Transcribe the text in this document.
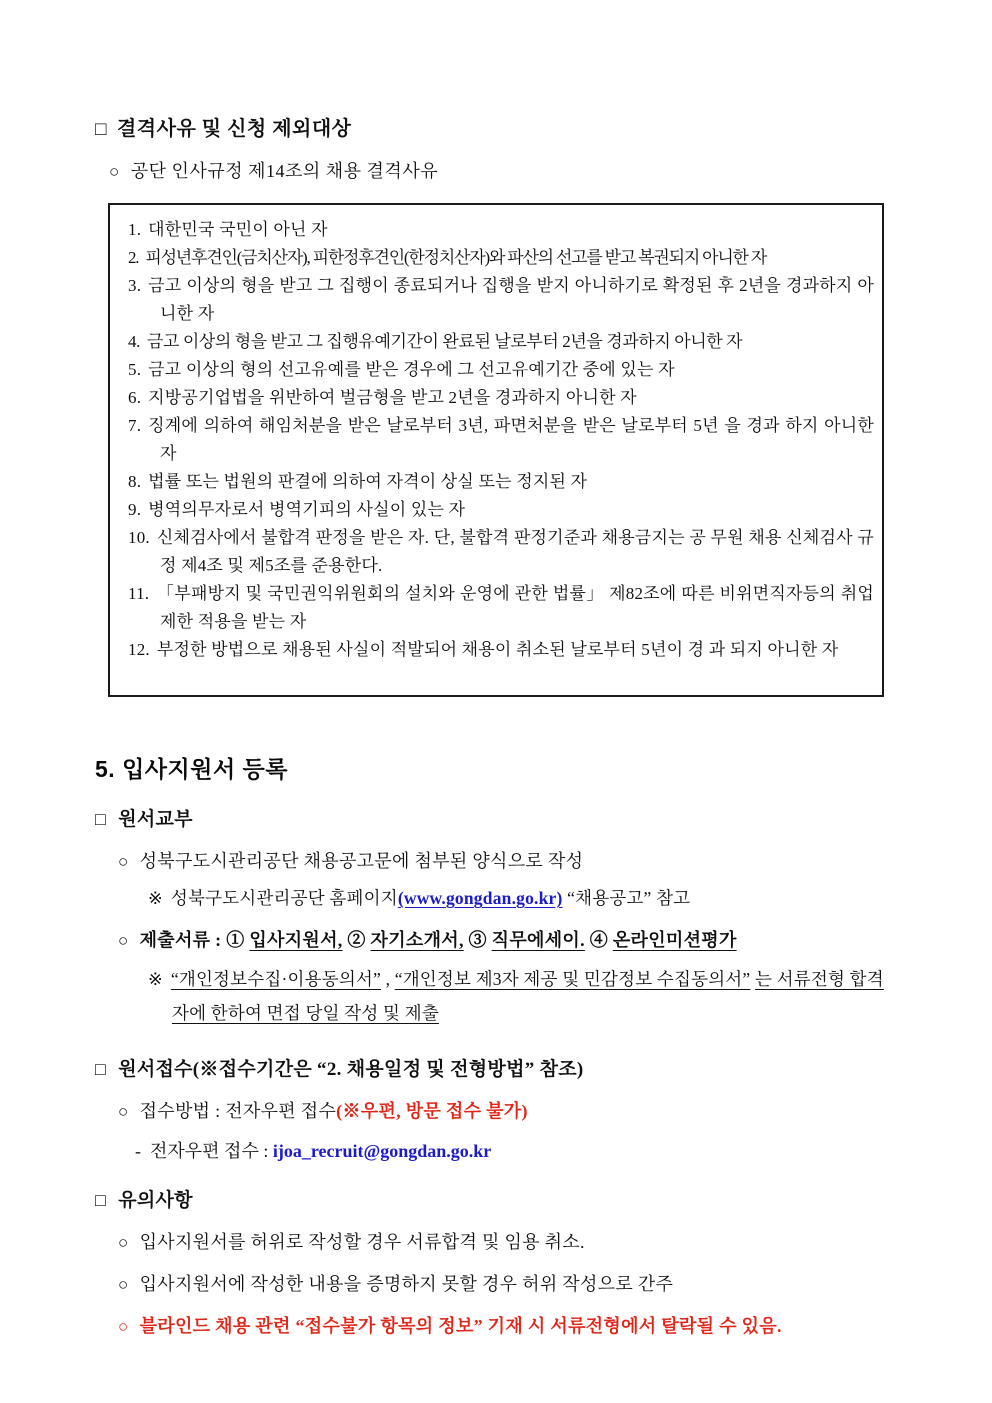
□ 결격사유 및 신청 제외대상
○ 공단 인사규정 제14조의 채용 결격사유
1. 대한민국 국민이 아닌 자
2. 피성년후견인(금치산자), 피한정후견인(한정치산자)와 파산의 선고를 받고 복권되지 아니한 자
3. 금고 이상의 형을 받고 그 집행이 종료되거나 집행을 받지 아니하기로 확정된 후 2년을 경과하지 아니한 자
4. 금고 이상의 형을 받고 그 집행유예기간이 완료된 날로부터 2년을 경과하지 아니한 자
5. 금고 이상의 형의 선고유예를 받은 경우에 그 선고유예기간 중에 있는 자
6. 지방공기업법을 위반하여 벌금형을 받고 2년을 경과하지 아니한 자
7. 징계에 의하여 해임처분을 받은 날로부터 3년, 파면처분을 받은 날로부터 5년 을 경과 하지 아니한 자
8. 법률 또는 법원의 판결에 의하여 자격이 상실 또는 정지된 자
9. 병역의무자로서 병역기피의 사실이 있는 자
10. 신체검사에서 불합격 판정을 받은 자. 단, 불합격 판정기준과 채용금지는 공 무원 채용 신체검사 규정 제4조 및 제5조를 준용한다.
11. 「부패방지 및 국민권익위원회의 설치와 운영에 관한 법률」 제82조에 따른 비위면직자등의 취업제한 적용을 받는 자
12. 부정한 방법으로 채용된 사실이 적발되어 채용이 취소된 날로부터 5년이 경 과 되지 아니한 자
5. 입사지원서 등록
□ 원서교부
○ 성북구도시관리공단 채용공고문에 첨부된 양식으로 작성
※ 성북구도시관리공단 홈페이지(www.gongdan.go.kr) “채용공고” 참고
○ 제출서류 : ① 입사지원서, ② 자기소개서, ③ 직무에세이. ④ 온라인미션평가
※ “개인정보수집·이용동의서” , “개인정보 제3자 제공 및 민감정보 수집동의서” 는 서류전형 합격자에 한하여 면접 당일 작성 및 제출
□ 원서접수(※접수기간은 “2. 채용일정 및 전형방법” 참조)
○ 접수방법 : 전자우편 접수(※우편, 방문 접수 불가)
- 전자우편 접수 : ijoa_recruit@gongdan.go.kr
□ 유의사항
○ 입사지원서를 허위로 작성할 경우 서류합격 및 임용 취소.
○ 입사지원서에 작성한 내용을 증명하지 못할 경우 허위 작성으로 간주
○ 블라인드 채용 관련 “접수불가 항목의 정보” 기재 시 서류전형에서 탈락될 수 있음.
